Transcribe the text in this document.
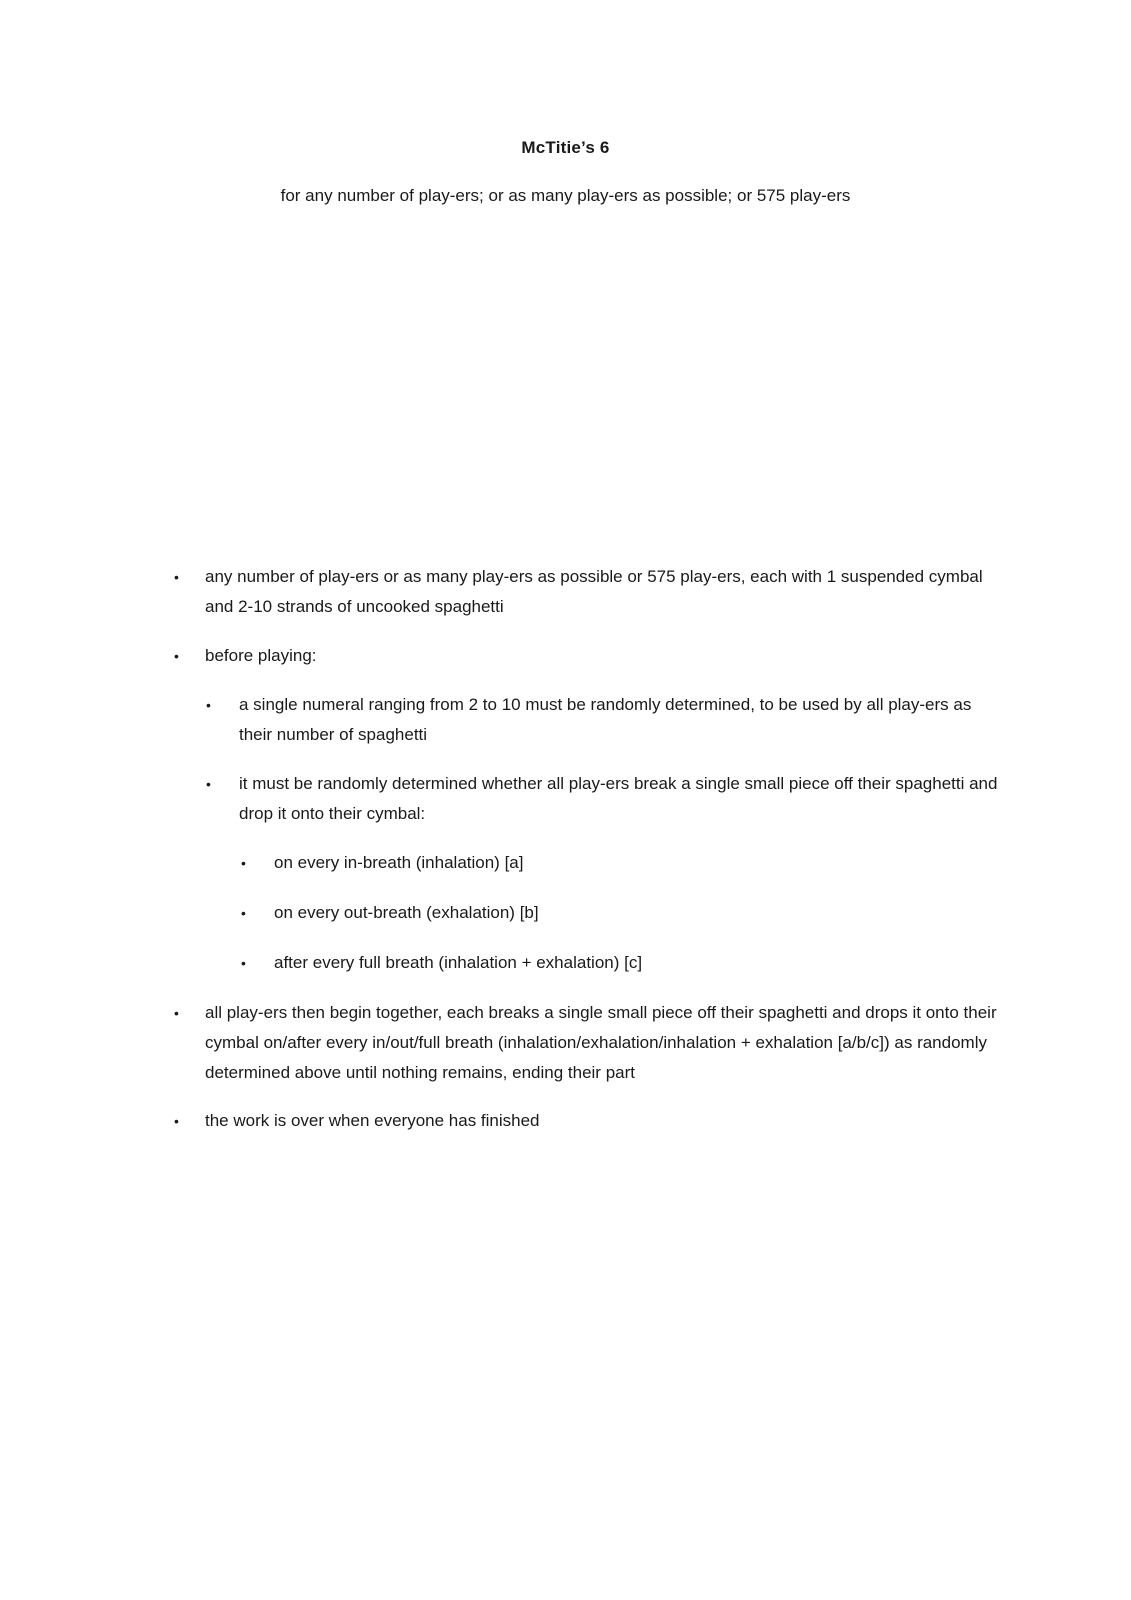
McTitie’s 6
for any number of play-ers; or as many play-ers as possible; or 575 play-ers
• any number of play-ers or as many play-ers as possible or 575 play-ers, each with 1 suspended cymbal and 2-10 strands of uncooked spaghetti
• before playing:
• a single numeral ranging from 2 to 10 must be randomly determined, to be used by all play-ers as their number of spaghetti
• it must be randomly determined whether all play-ers break a single small piece off their spaghetti and drop it onto their cymbal:
• on every in-breath (inhalation) [a]
• on every out-breath (exhalation) [b]
• after every full breath (inhalation + exhalation) [c]
• all play-ers then begin together, each breaks a single small piece off their spaghetti and drops it onto their cymbal on/after every in/out/full breath (inhalation/exhalation/inhalation + exhalation [a/b/c]) as randomly determined above until nothing remains, ending their part
• the work is over when everyone has finished
